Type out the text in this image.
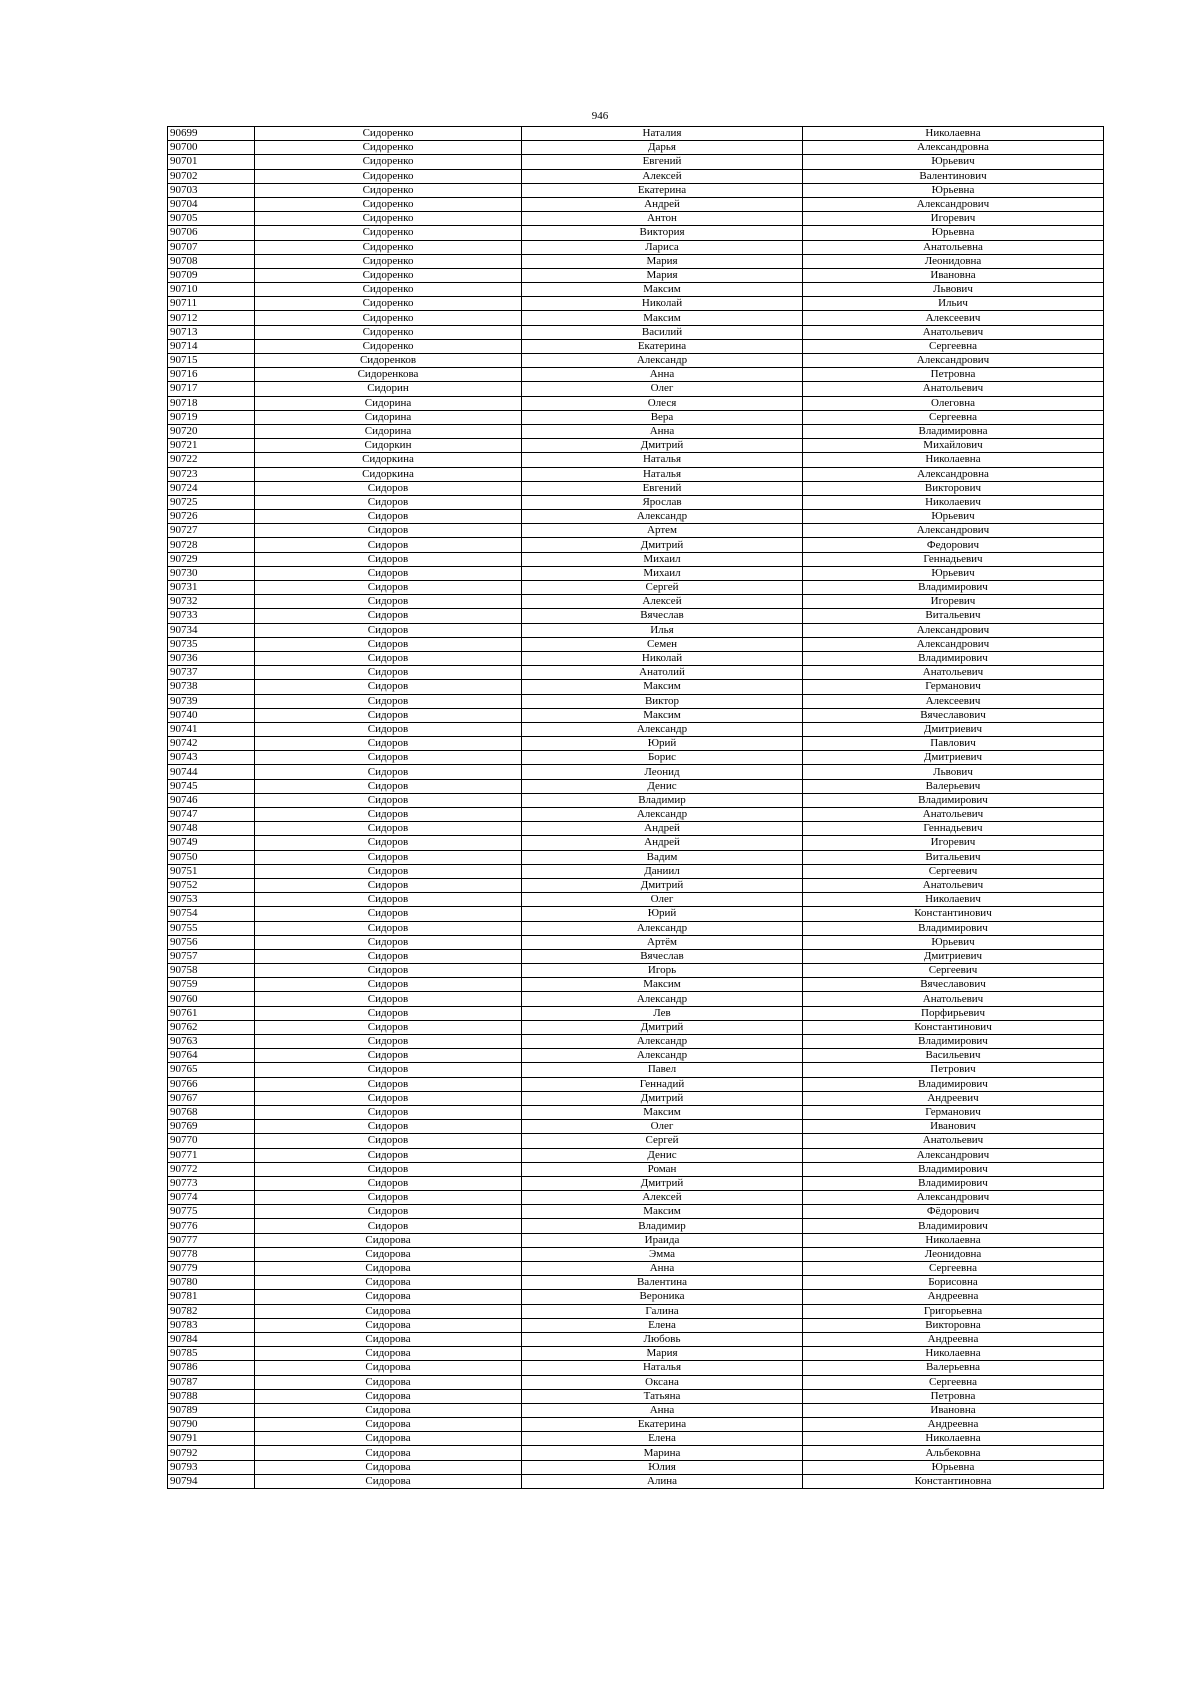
946
90699	Сидоренко	Наталия	Николаевна
90700	Сидоренко	Дарья	Александровна
90701	Сидоренко	Евгений	Юрьевич
90702	Сидоренко	Алексей	Валентинович
90703	Сидоренко	Екатерина	Юрьевна
90704	Сидоренко	Андрей	Александрович
90705	Сидоренко	Антон	Игоревич
90706	Сидоренко	Виктория	Юрьевна
90707	Сидоренко	Лариса	Анатольевна
90708	Сидоренко	Мария	Леонидовна
90709	Сидоренко	Мария	Ивановна
90710	Сидоренко	Максим	Львович
90711	Сидоренко	Николай	Ильич
90712	Сидоренко	Максим	Алексеевич
90713	Сидоренко	Василий	Анатольевич
90714	Сидоренко	Екатерина	Сергеевна
90715	Сидоренков	Александр	Александрович
90716	Сидоренкова	Анна	Петровна
90717	Сидорин	Олег	Анатольевич
90718	Сидорина	Олеся	Олеговна
90719	Сидорина	Вера	Сергеевна
90720	Сидорина	Анна	Владимировна
90721	Сидоркин	Дмитрий	Михайлович
90722	Сидоркина	Наталья	Николаевна
90723	Сидоркина	Наталья	Александровна
90724	Сидоров	Евгений	Викторович
90725	Сидоров	Ярослав	Николаевич
90726	Сидоров	Александр	Юрьевич
90727	Сидоров	Артем	Александрович
90728	Сидоров	Дмитрий	Федорович
90729	Сидоров	Михаил	Геннадьевич
90730	Сидоров	Михаил	Юрьевич
90731	Сидоров	Сергей	Владимирович
90732	Сидоров	Алексей	Игоревич
90733	Сидоров	Вячеслав	Витальевич
90734	Сидоров	Илья	Александрович
90735	Сидоров	Семен	Александрович
90736	Сидоров	Николай	Владимирович
90737	Сидоров	Анатолий	Анатольевич
90738	Сидоров	Максим	Германович
90739	Сидоров	Виктор	Алексеевич
90740	Сидоров	Максим	Вячеславович
90741	Сидоров	Александр	Дмитриевич
90742	Сидоров	Юрий	Павлович
90743	Сидоров	Борис	Дмитриевич
90744	Сидоров	Леонид	Львович
90745	Сидоров	Денис	Валерьевич
90746	Сидоров	Владимир	Владимирович
90747	Сидоров	Александр	Анатольевич
90748	Сидоров	Андрей	Геннадьевич
90749	Сидоров	Андрей	Игоревич
90750	Сидоров	Вадим	Витальевич
90751	Сидоров	Даниил	Сергеевич
90752	Сидоров	Дмитрий	Анатольевич
90753	Сидоров	Олег	Николаевич
90754	Сидоров	Юрий	Константинович
90755	Сидоров	Александр	Владимирович
90756	Сидоров	Артём	Юрьевич
90757	Сидоров	Вячеслав	Дмитриевич
90758	Сидоров	Игорь	Сергеевич
90759	Сидоров	Максим	Вячеславович
90760	Сидоров	Александр	Анатольевич
90761	Сидоров	Лев	Порфирьевич
90762	Сидоров	Дмитрий	Константинович
90763	Сидоров	Александр	Владимирович
90764	Сидоров	Александр	Васильевич
90765	Сидоров	Павел	Петрович
90766	Сидоров	Геннадий	Владимирович
90767	Сидоров	Дмитрий	Андреевич
90768	Сидоров	Максим	Германович
90769	Сидоров	Олег	Иванович
90770	Сидоров	Сергей	Анатольевич
90771	Сидоров	Денис	Александрович
90772	Сидоров	Роман	Владимирович
90773	Сидоров	Дмитрий	Владимирович
90774	Сидоров	Алексей	Александрович
90775	Сидоров	Максим	Фёдорович
90776	Сидоров	Владимир	Владимирович
90777	Сидорова	Ираида	Николаевна
90778	Сидорова	Эмма	Леонидовна
90779	Сидорова	Анна	Сергеевна
90780	Сидорова	Валентина	Борисовна
90781	Сидорова	Вероника	Андреевна
90782	Сидорова	Галина	Григорьевна
90783	Сидорова	Елена	Викторовна
90784	Сидорова	Любовь	Андреевна
90785	Сидорова	Мария	Николаевна
90786	Сидорова	Наталья	Валерьевна
90787	Сидорова	Оксана	Сергеевна
90788	Сидорова	Татьяна	Петровна
90789	Сидорова	Анна	Ивановна
90790	Сидорова	Екатерина	Андреевна
90791	Сидорова	Елена	Николаевна
90792	Сидорова	Марина	Альбековна
90793	Сидорова	Юлия	Юрьевна
90794	Сидорова	Алина	Константиновна
